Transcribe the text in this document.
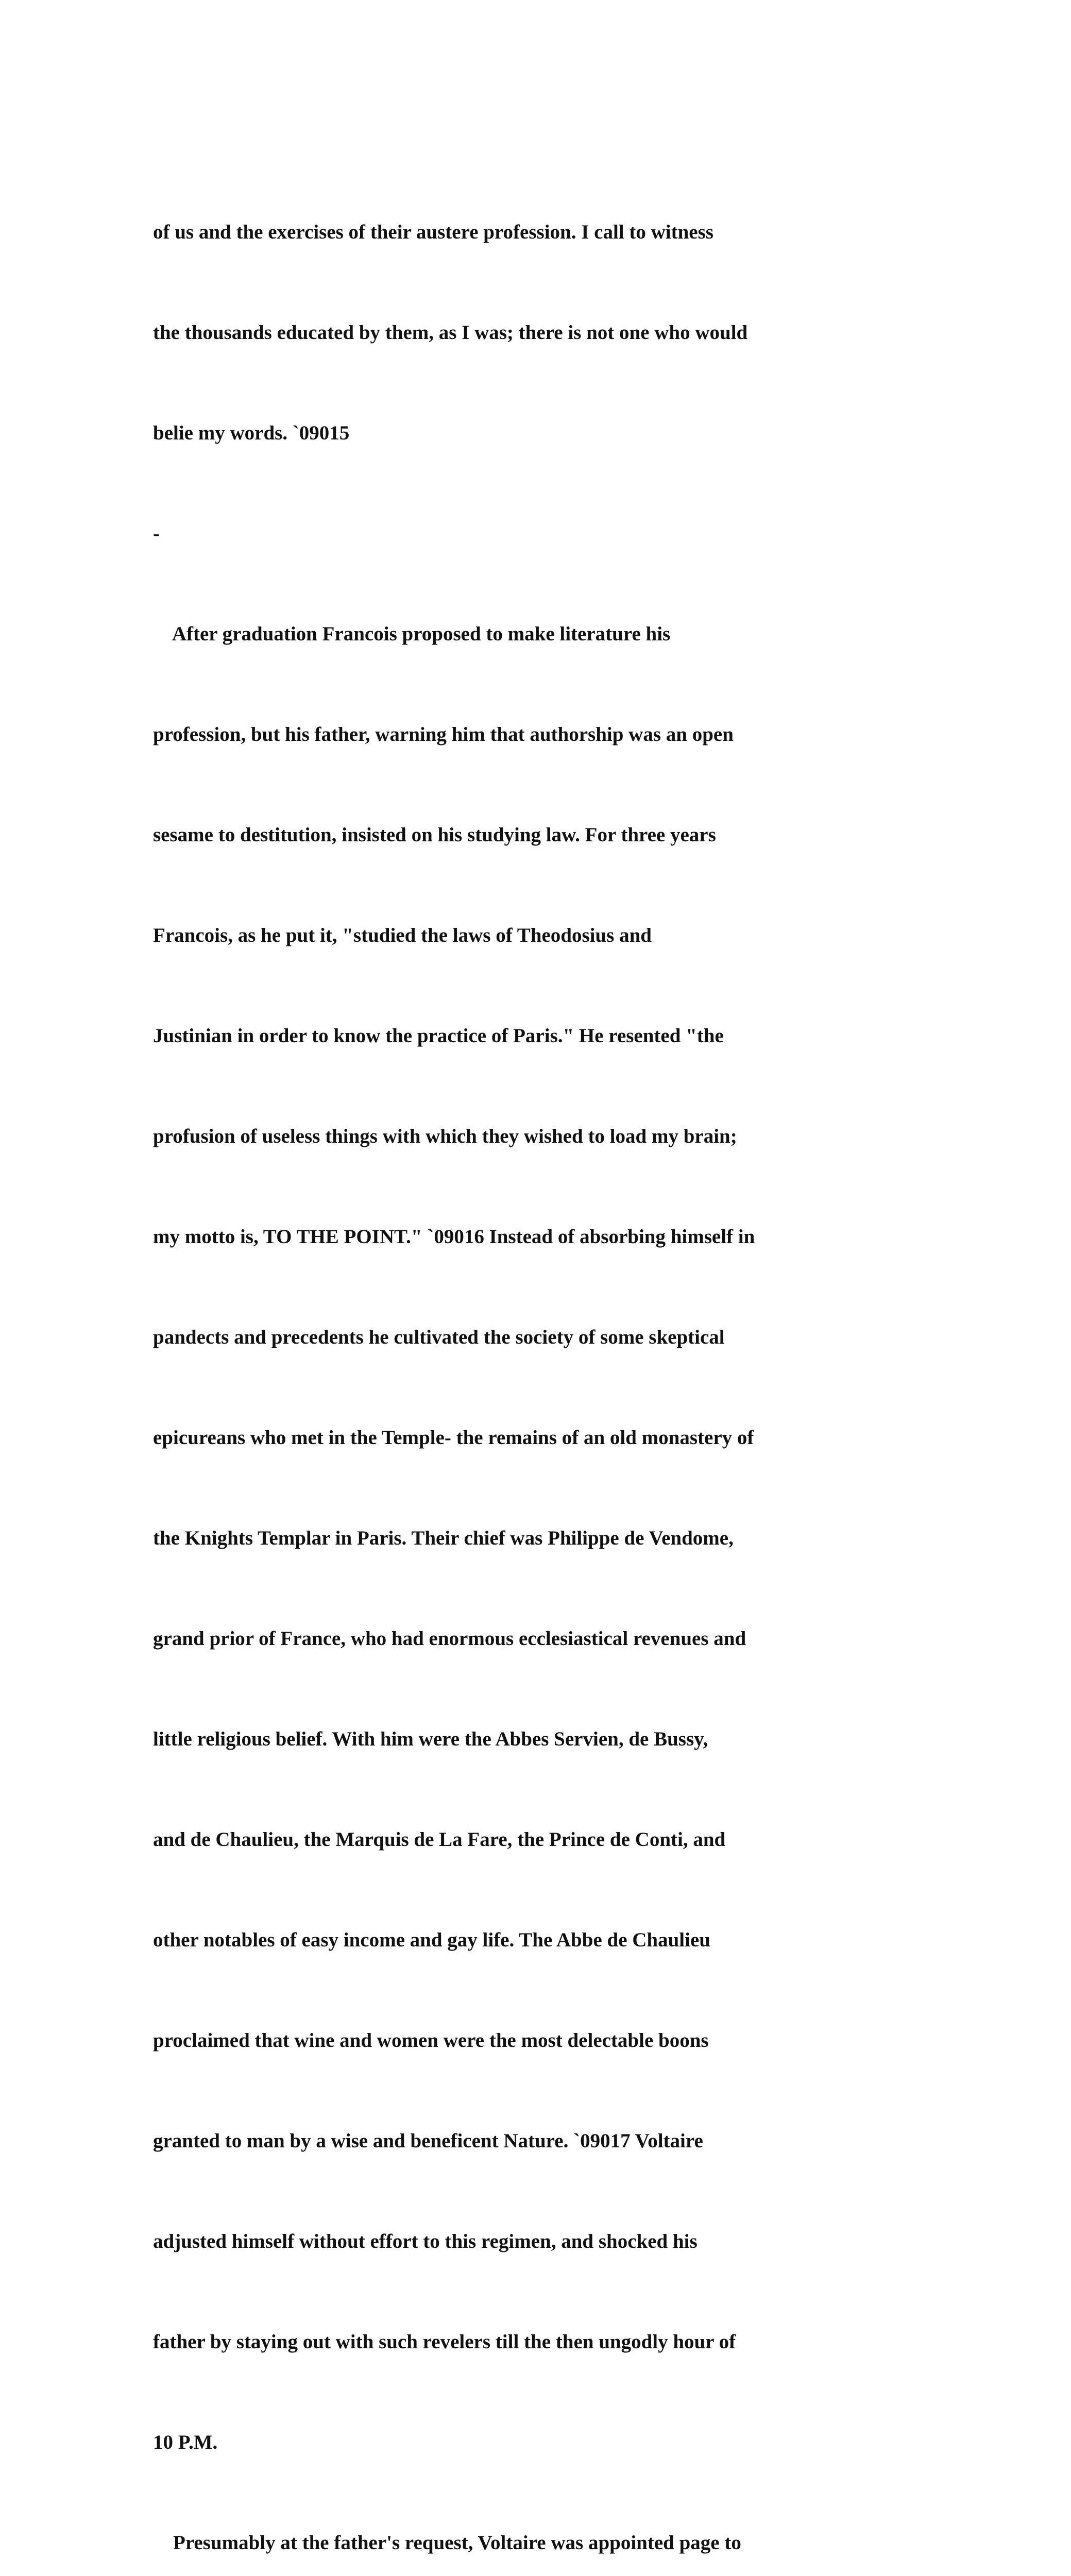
of us and the exercises of their austere profession. I call to witness

the thousands educated by them, as I was; there is not one who would

belie my words. `09015

-

After graduation Francois proposed to make literature his

profession, but his father, warning him that authorship was an open

sesame to destitution, insisted on his studying law. For three years

Francois, as he put it, "studied the laws of Theodosius and

Justinian in order to know the practice of Paris." He resented "the

profusion of useless things with which they wished to load my brain;

my motto is, TO THE POINT." `09016 Instead of absorbing himself in

pandects and precedents he cultivated the society of some skeptical

epicureans who met in the Temple- the remains of an old monastery of

the Knights Templar in Paris. Their chief was Philippe de Vendome,

grand prior of France, who had enormous ecclesiastical revenues and

little religious belief. With him were the Abbes Servien, de Bussy,

and de Chaulieu, the Marquis de La Fare, the Prince de Conti, and

other notables of easy income and gay life. The Abbe de Chaulieu

proclaimed that wine and women were the most delectable boons

granted to man by a wise and beneficent Nature. `09017 Voltaire

adjusted himself without effort to this regimen, and shocked his

father by staying out with such revelers till the then ungodly hour of

10 P.M.

Presumably at the father's request, Voltaire was appointed page to
